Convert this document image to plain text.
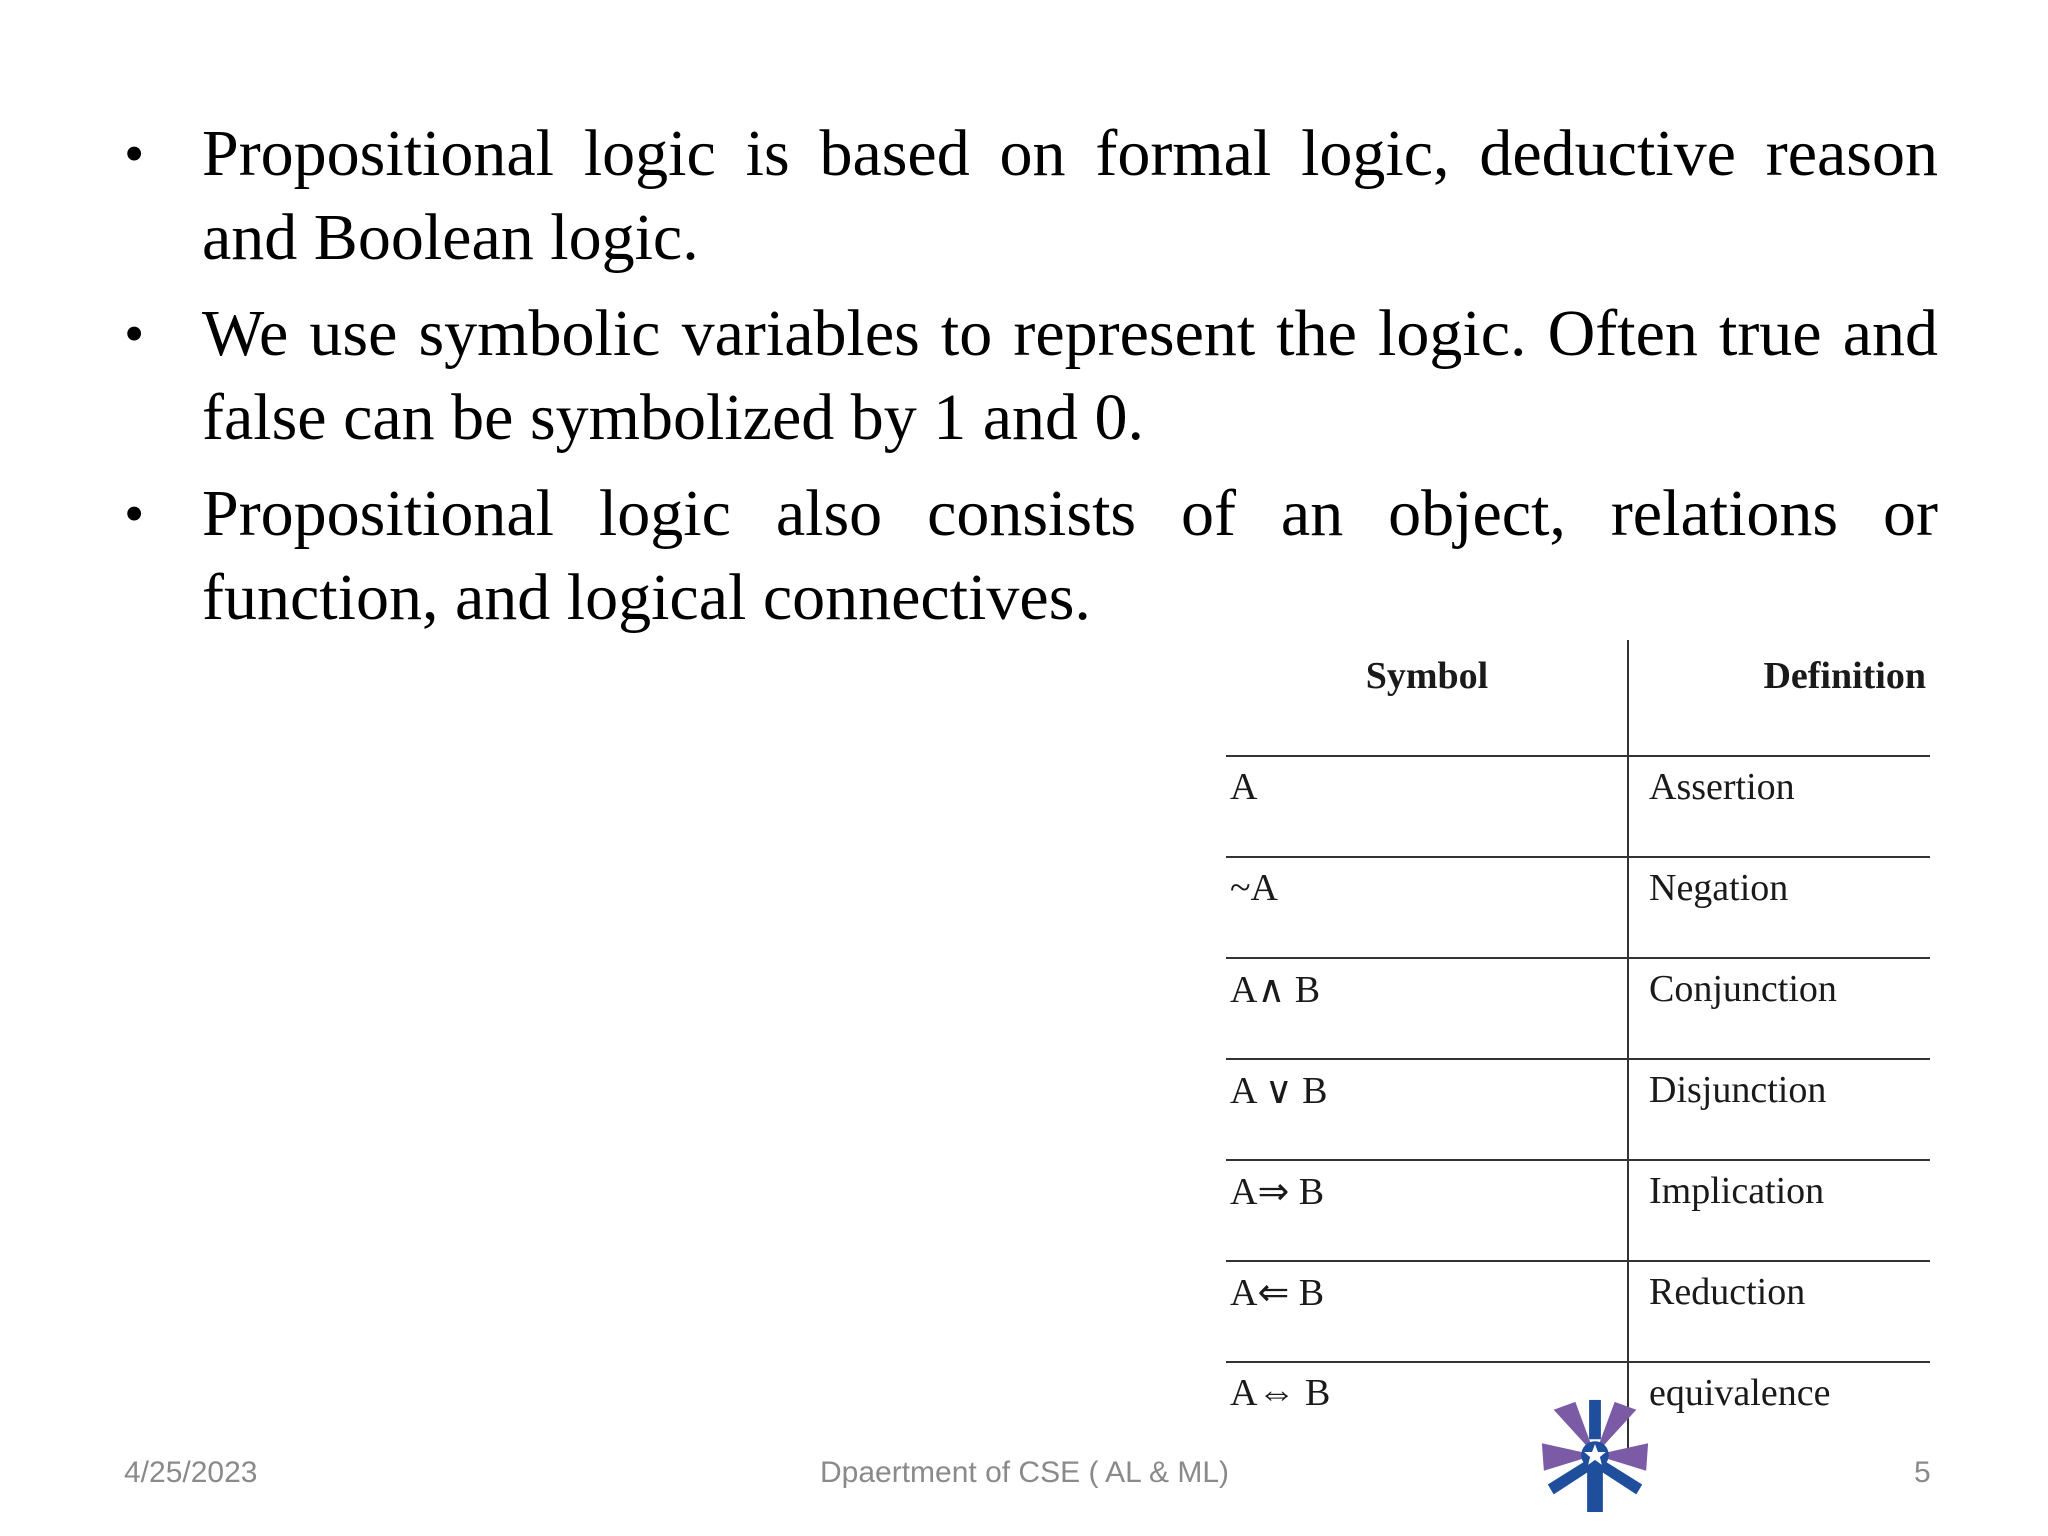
• Propositional logic is based on formal logic, deductive reason and Boolean logic.
• We use symbolic variables to represent the logic. Often true and false can be symbolized by 1 and 0.
• Propositional logic also consists of an object, relations or function, and logical connectives.
Symbol	Definition
A	Assertion
~A	Negation
A∧ B	Conjunction
A ∨ B	Disjunction
A⇒ B	Implication
A⇐ B	Reduction
A⇔ B	equivalence
4/25/2023	Dpaertment of CSE ( AL & ML)	5
